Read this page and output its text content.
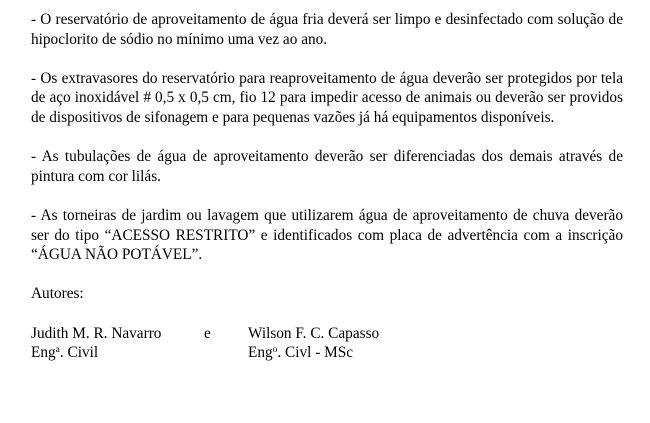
- O reservatório de aproveitamento de água fria deverá ser limpo e desinfectado com solução de hipoclorito de sódio no mínimo uma vez ao ano.

- Os extravasores do reservatório para reaproveitamento de água deverão ser protegidos por tela de aço inoxidável # 0,5 x 0,5 cm, fio 12 para impedir acesso de animais ou deverão ser providos de dispositivos de sifonagem e para pequenas vazões já há equipamentos disponíveis.

- As tubulações de água de aproveitamento deverão ser diferenciadas dos demais através de pintura com cor lilás.

- As torneiras de jardim ou lavagem que utilizarem água de aproveitamento de chuva deverão ser do tipo “ACESSO RESTRITO” e identificados com placa de advertência com a inscrição “ÁGUA NÃO POTÁVEL”.

Autores:
Judith M. R. Navarro	e Wilson F. C. Capasso
Eng$^a$. Civil	Eng$^o$. Civl - MSc
